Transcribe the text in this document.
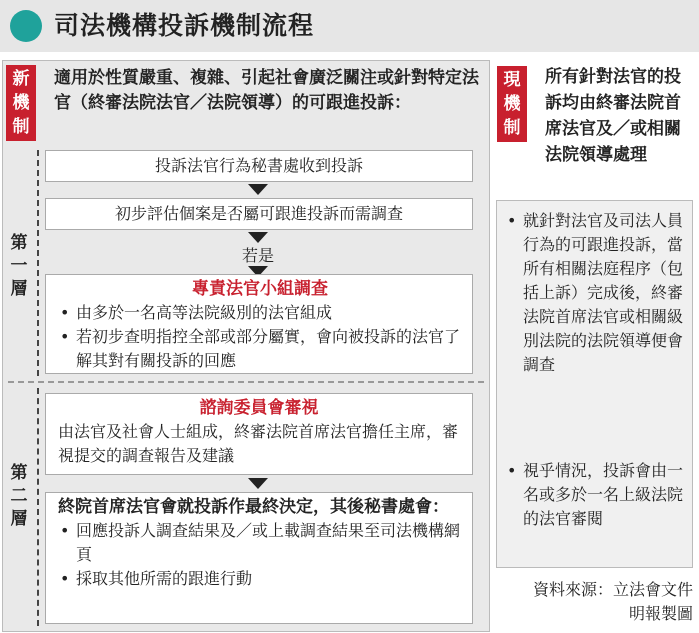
司法機構投訴機制流程
新機制
適用於性質嚴重、複雜、引起社會廣泛關注或針對特定法官（終審法院法官／法院領導）的可跟進投訴：
第一層
第二層
投訴法官行為秘書處收到投訴
初步評估個案是否屬可跟進投訴而需調查
若是
專責法官小組調查
• 由多於一名高等法院級別的法官組成
• 若初步查明指控全部或部分屬實，會向被投訴的法官了解其對有關投訴的回應
諮詢委員會審視
由法官及社會人士組成，終審法院首席法官擔任主席，審視提交的調查報告及建議
終院首席法官會就投訴作最終決定，其後秘書處會：
• 回應投訴人調查結果及／或上載調查結果至司法機構網頁
• 採取其他所需的跟進行動
現機制
所有針對法官的投訴均由終審法院首席法官及／或相關法院領導處理
• 就針對法官及司法人員行為的可跟進投訴，當所有相關法庭程序（包括上訴）完成後，終審法院首席法官或相關級別法院的法院領導便會調查
• 視乎情況，投訴會由一名或多於一名上級法院的法官審閱
資料來源：立法會文件
明報製圖
